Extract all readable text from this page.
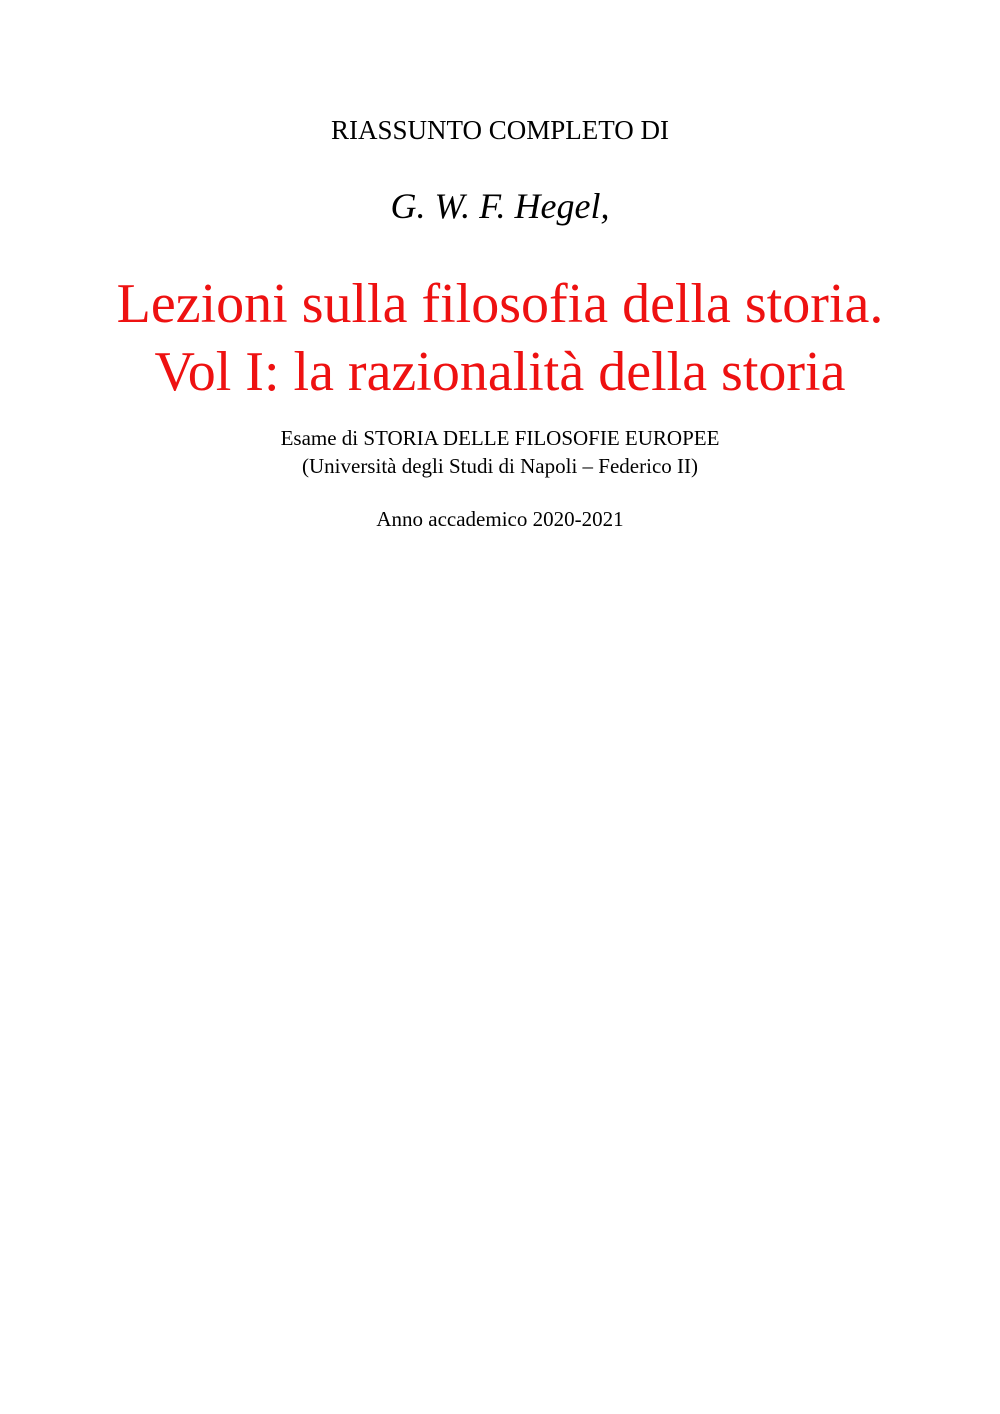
RIASSUNTO COMPLETO DI

G. W. F. Hegel,

Lezioni sulla filosofia della storia.

Vol I: la razionalità della storia

Esame di STORIA DELLE FILOSOFIE EUROPEE

(Università degli Studi di Napoli – Federico II)

Anno accademico 2020-2021
